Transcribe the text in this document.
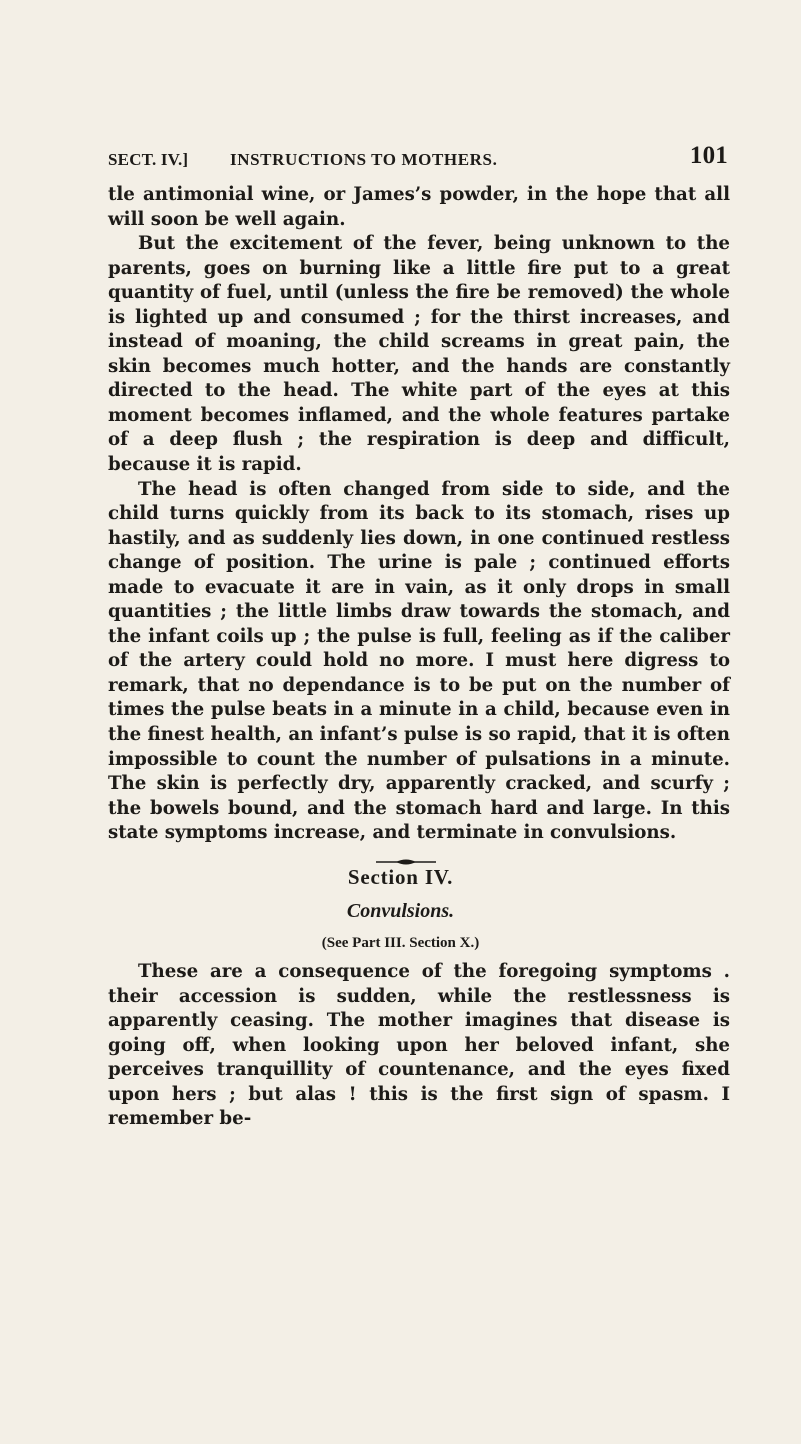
SECT. IV.] INSTRUCTIONS TO MOTHERS.	101

tle antimonial wine, or James’s powder, in the hope that all will soon be well again.

But the excitement of the fever, being unknown to the parents, goes on burning like a little fire put to a great quantity of fuel, until (unless the fire be removed) the whole is lighted up and consumed ; for the thirst increases, and instead of moaning, the child screams in great pain, the skin becomes much hotter, and the hands are constantly directed to the head. The white part of the eyes at this moment becomes inflamed, and the whole features partake of a deep flush ; the respiration is deep and difficult, because it is rapid.

The head is often changed from side to side, and the child turns quickly from its back to its stomach, rises up hastily, and as suddenly lies down, in one continued restless change of position. The urine is pale ; continued efforts made to evacuate it are in vain, as it only drops in small quantities ; the little limbs draw towards the stomach, and the infant coils up ; the pulse is full, feeling as if the caliber of the artery could hold no more. I must here digress to remark, that no dependance is to be put on the number of times the pulse beats in a minute in a child, because even in the finest health, an infant’s pulse is so rapid, that it is often impossible to count the number of pulsations in a minute. The skin is perfectly dry, apparently cracked, and scurfy ; the bowels bound, and the stomach hard and large. In this state symptoms increase, and terminate in convulsions.

Section IV.
Convulsions.
(See Part III. Section X.)

These are a consequence of the foregoing symptoms . their accession is sudden, while the restlessness is apparently ceasing. The mother imagines that disease is going off, when looking upon her beloved infant, she perceives tranquillity of countenance, and the eyes fixed upon hers ; but alas ! this is the first sign of spasm. I remember be-
